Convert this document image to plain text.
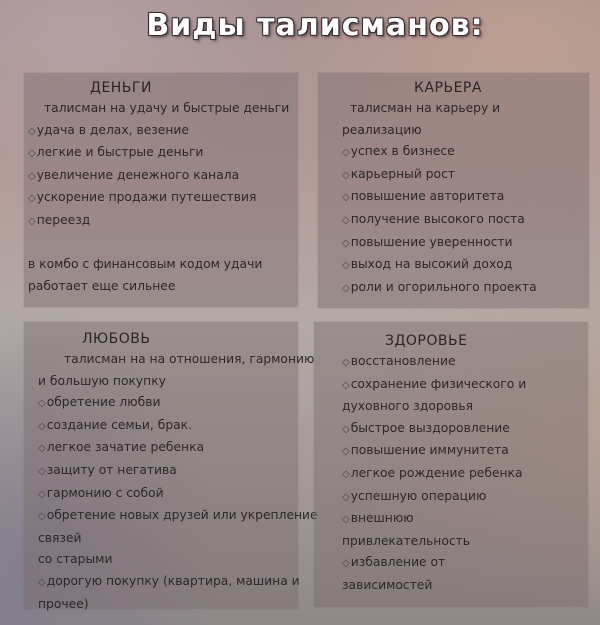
Виды талисманов:
ДЕНЬГИ
талисман на удачу и быстрые деньги
◇удача в делах, везение
◇легкие и быстрые деньги
◇увеличение денежного канала
◇ускорение продажи путешествия
◇переезд
в комбо с финансовым кодом удачи
работает еще сильнее
КАРЬЕРА
талисман на карьеру и
реализацию
◇успех в бизнесе
◇карьерный рост
◇повышение авторитета
◇получение высокого поста
◇повышение уверенности
◇выход на высокий доход
◇роли и огорильного проекта
ЛЮБОВЬ
талисман на на отношения, гармонию
и большую покупку
◇обретение любви
◇создание семьи, брак.
◇легкое зачатие ребенка
◇защиту от негатива
◇гармонию с собой
◇обретение новых друзей или укрепление
связей
со старыми
◇дорогую покупку (квартира, машина и
прочее)
ЗДОРОВЬЕ
◇восстановление
◇сохранение физического и
духовного здоровья
◇быстрое выздоровление
◇повышение иммунитета
◇легкое рождение ребенка
◇успешную операцию
◇внешнюю
привлекательность
◇избавление от
зависимостей
